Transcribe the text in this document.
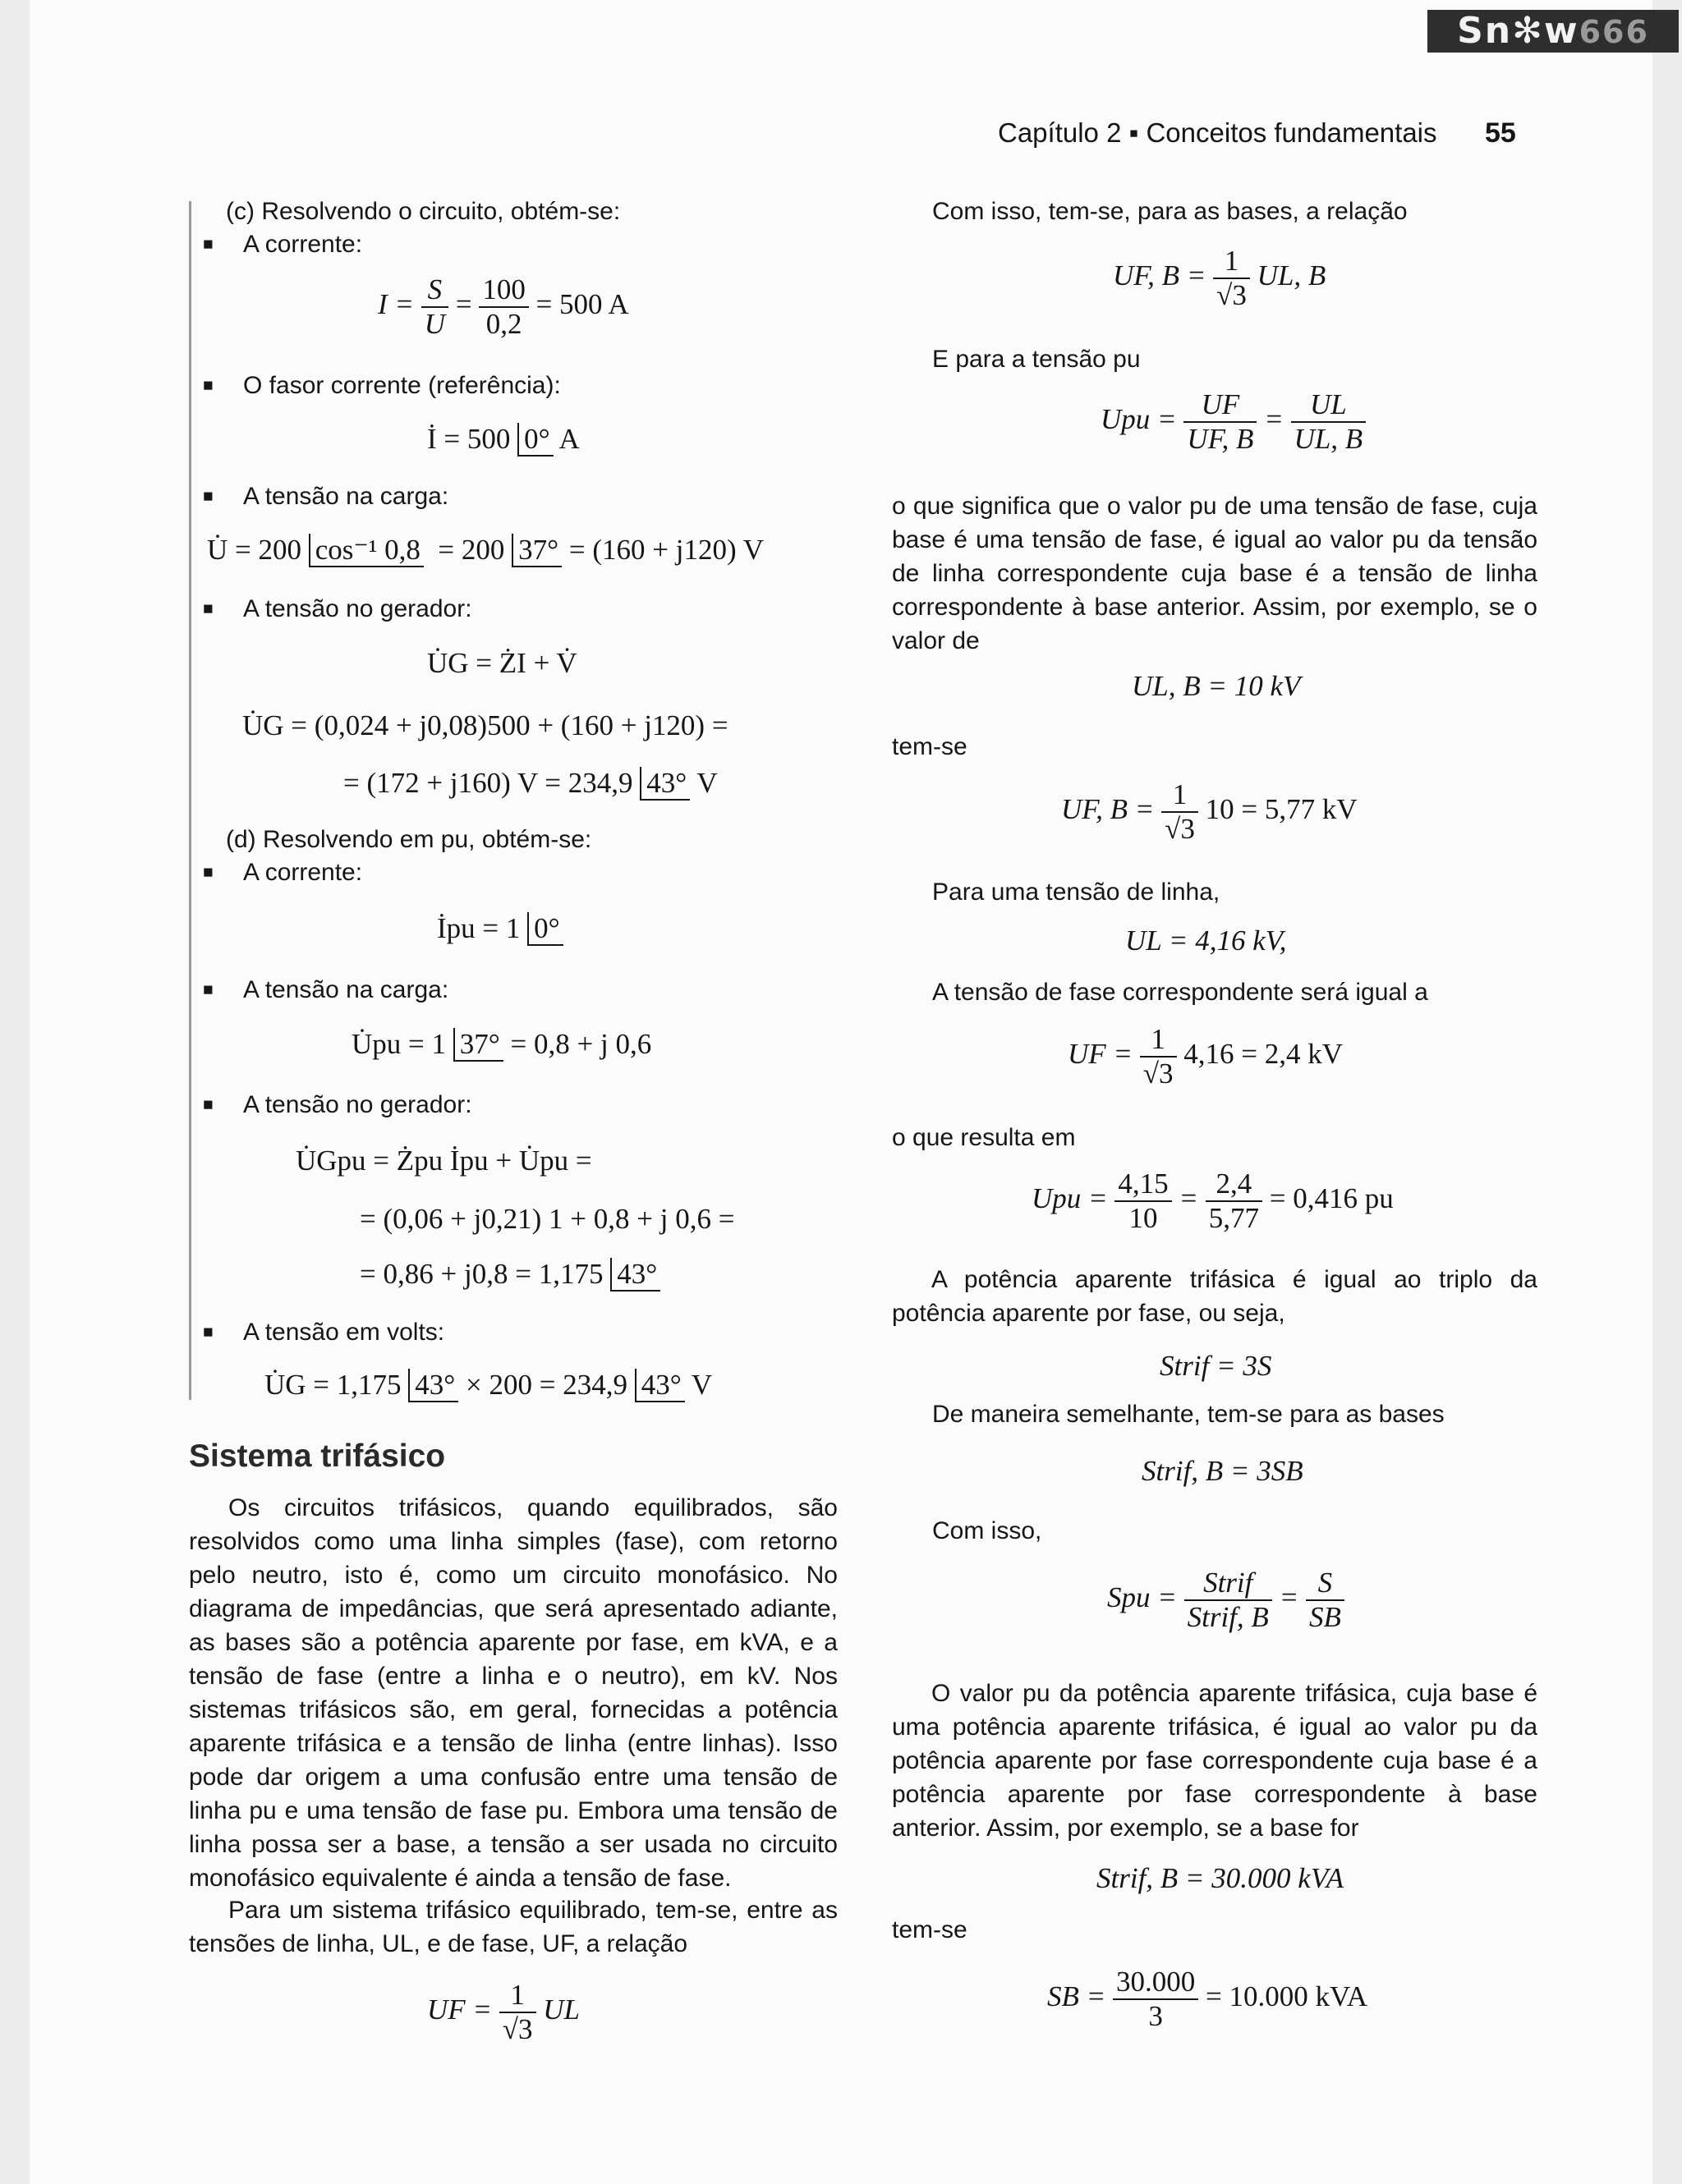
Sn✻w666
Capítulo 2 ▪ Conceitos fundamentais 55
(c) Resolvendo o circuito, obtém-se:
■ A corrente:
$I = \frac{S}{U} = \frac{100}{0,2} = 500$ A
■ O fasor corrente (referência):
İ = 500 0° A
■ A tensão na carga:
U̇ = 200 cos⁻¹ 0,8 = 200 37° = (160 + j120) V
■ A tensão no gerador:
U̇G = ŻI + V̇
U̇G = (0,024 + j0,08)500 + (160 + j120) =
= (172 + j160) V = 234,9 43° V
(d) Resolvendo em pu, obtém-se:
■ A corrente:
İpu = 1 0°
■ A tensão na carga:
U̇pu = 1 37° = 0,8 + j 0,6
■ A tensão no gerador:
U̇Gpu = Żpu İpu + U̇pu =
= (0,06 + j0,21) 1 + 0,8 + j 0,6 =
= 0,86 + j0,8 = 1,175 43°
■ A tensão em volts:
U̇G = 1,175 43° × 200 = 234,9 43° V
Sistema trifásico
Os circuitos trifásicos, quando equilibrados, são resolvidos como uma linha simples (fase), com retorno pelo neutro, isto é, como um circuito monofásico. No diagrama de impedâncias, que será apresentado adiante, as bases são a potência aparente por fase, em kVA, e a tensão de fase (entre a linha e o neutro), em kV. Nos sistemas trifásicos são, em geral, fornecidas a potência aparente trifásica e a tensão de linha (entre linhas). Isso pode dar origem a uma confusão entre uma tensão de linha pu e uma tensão de fase pu. Embora uma tensão de linha possa ser a base, a tensão a ser usada no circuito monofásico equivalente é ainda a tensão de fase.
Para um sistema trifásico equilibrado, tem-se, entre as tensões de linha, UL, e de fase, UF, a relação
UF = $\frac{1}{√3}$ UL
Com isso, tem-se, para as bases, a relação
UF, $B = \frac{1}{√3}$ UL, B
E para a tensão pu
Upu = $\frac{UF}{UF, B} = \frac{UL}{UL, B}$
o que significa que o valor pu de uma tensão de fase, cuja base é uma tensão de fase, é igual ao valor pu da tensão de linha correspondente cuja base é a tensão de linha correspondente à base anterior. Assim, por exemplo, se o valor de
UL, B = 10 kV
tem-se
UF, $B = \frac{1}{√3} 10 = 5,77$ kV
Para uma tensão de linha,
UL = 4,16 kV,
A tensão de fase correspondente será igual a
UF = $\frac{1}{√3} 4,16 = 2,4$ kV
o que resulta em
Upu = $\frac{4,15}{10} = \frac{2,4}{5,77} = 0,416$ pu
A potência aparente trifásica é igual ao triplo da potência aparente por fase, ou seja,
Strif = 3S
De maneira semelhante, tem-se para as bases
Strif, B = 3SB
Com isso,
Spu = $\frac{\text{Strif}}{\text{Strif, B}} = \frac{S}{SB}$
O valor pu da potência aparente trifásica, cuja base é uma potência aparente trifásica, é igual ao valor pu da potência aparente por fase correspondente cuja base é a potência aparente por fase correspondente à base anterior. Assim, por exemplo, se a base for
Strif, B = 30.000 kVA
tem-se
SB = $\frac{30.000}{3} = 10.000$ kVA
